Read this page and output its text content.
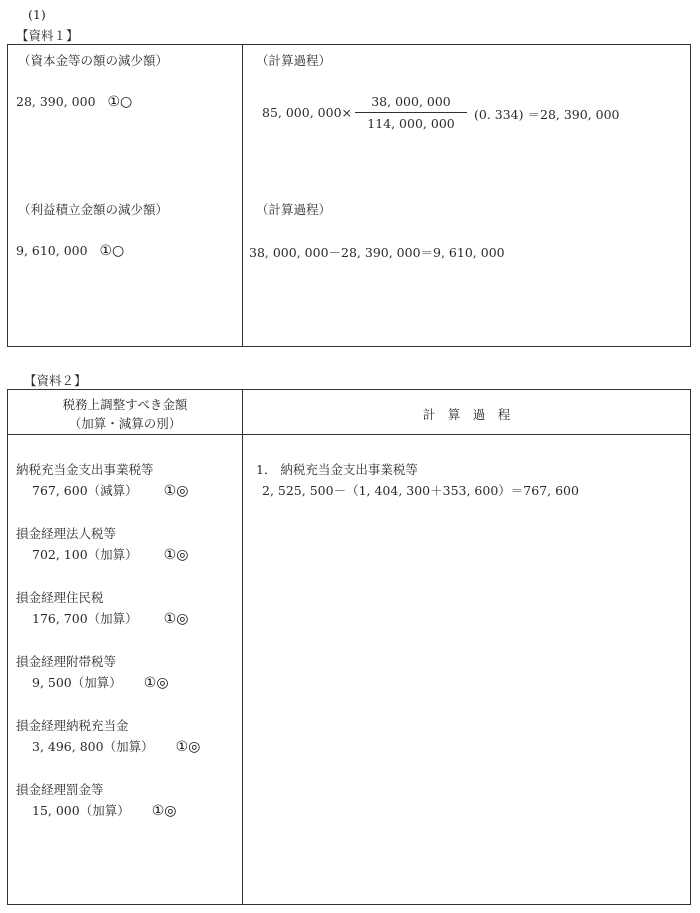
(1)
【資料１】
（資本金等の額の減少額）
28, 390, 000 ①○
（計算過程）
85, 000, 000×
38, 000, 000
114, 000, 000
(0. 334) ＝28, 390, 000
（利益積立金額の減少額）
9, 610, 000 ①○
（計算過程）
38, 000, 000－28, 390, 000＝9, 610, 000
【資料２】
税務上調整すべき金額
（加算・減算の別）
計　算　過　程
納税充当金支出事業税等
767, 600（減算） ①◎
損金経理法人税等
702, 100（加算） ①◎
損金経理住民税
176, 700（加算） ①◎
損金経理附帯税等
9, 500（加算） ①◎
損金経理納税充当金
3, 496, 800（加算） ①◎
損金経理罰金等
15, 000（加算） ①◎
1． 納税充当金支出事業税等
2, 525, 500－（1, 404, 300＋353, 600）＝767, 600
